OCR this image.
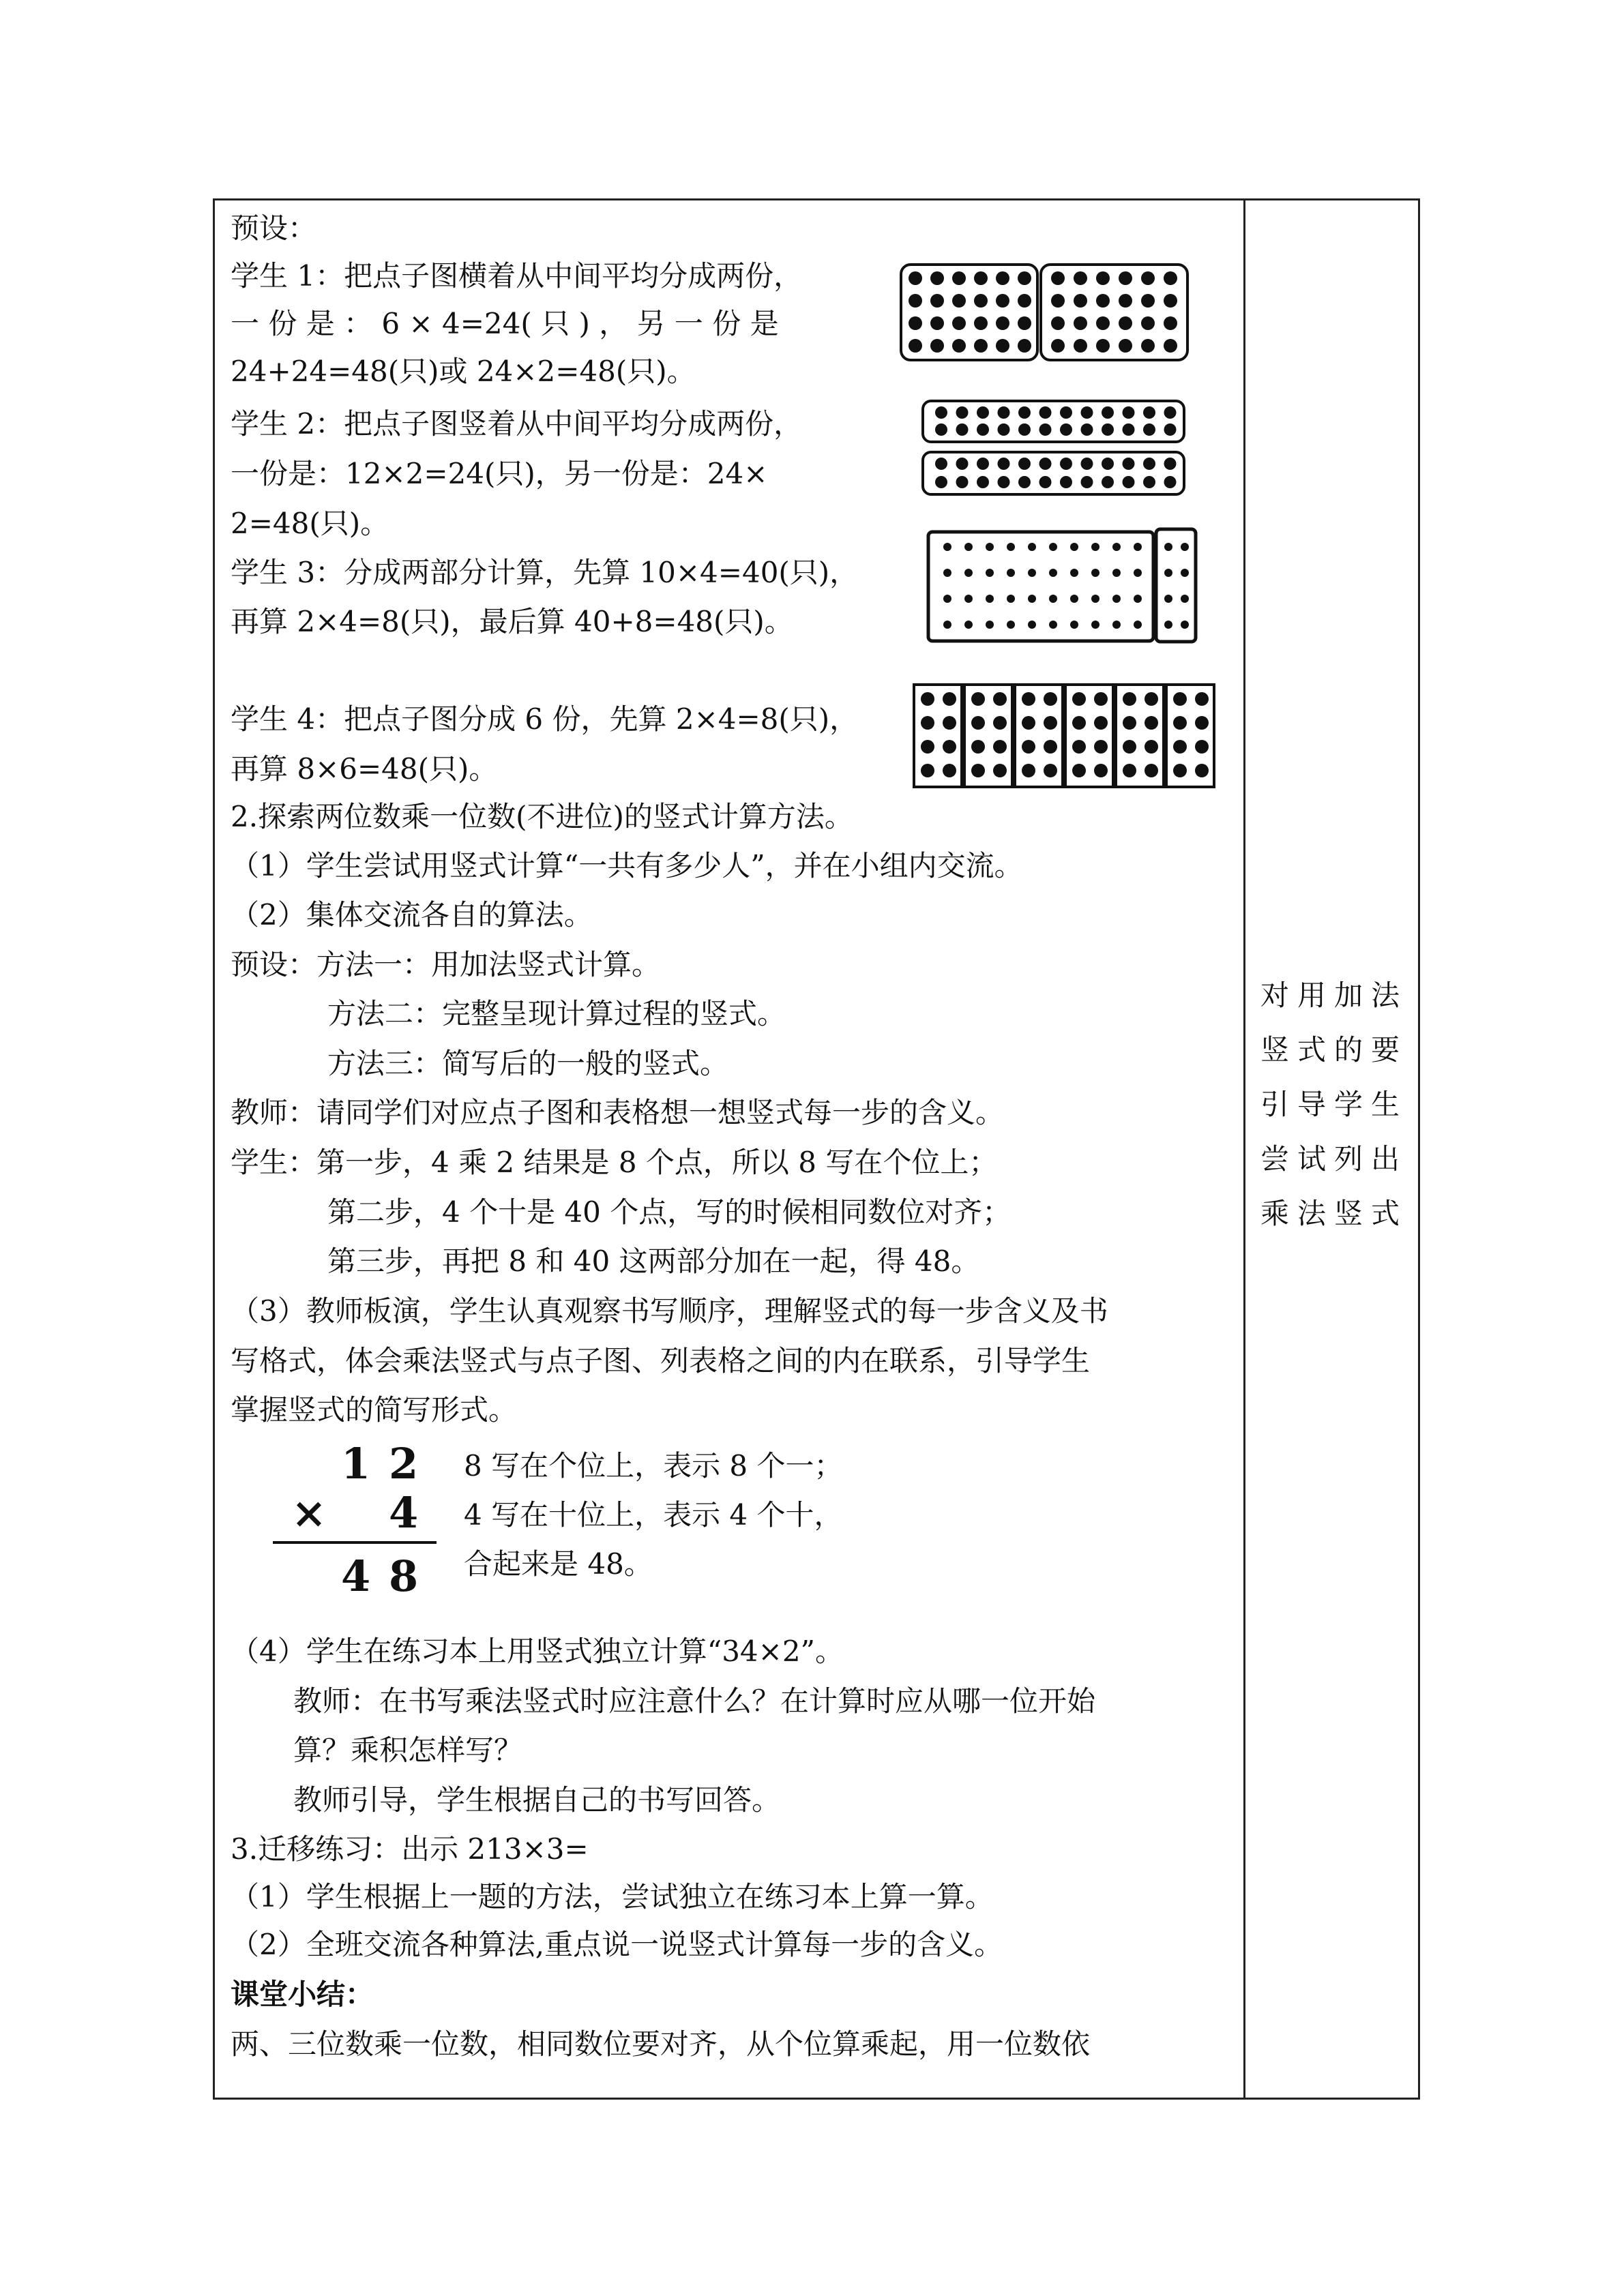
预设：
学生 1：把点子图横着从中间平均分成两份，
一 份 是 ： 6 × 4=24( 只 ) ， 另 一 份 是
24+24=48(只)或 24×2=48(只)。
学生 2：把点子图竖着从中间平均分成两份，
一份是：12×2=24(只)，另一份是：24×
2=48(只)。
学生 3：分成两部分计算，先算 10×4=40(只)，
再算 2×4=8(只)，最后算 40+8=48(只)。
学生 4：把点子图分成 6 份，先算 2×4=8(只)，
再算 8×6=48(只)。
2.探索两位数乘一位数(不进位)的竖式计算方法。
（1）学生尝试用竖式计算“一共有多少人”，并在小组内交流。
（2）集体交流各自的算法。
预设：方法一：用加法竖式计算。
方法二：完整呈现计算过程的竖式。
方法三：简写后的一般的竖式。
教师：请同学们对应点子图和表格想一想竖式每一步的含义。
学生：第一步，4 乘 2 结果是 8 个点，所以 8 写在个位上；
第二步，4 个十是 40 个点，写的时候相同数位对齐；
第三步，再把 8 和 40 这两部分加在一起，得 48。
（3）教师板演，学生认真观察书写顺序，理解竖式的每一步含义及书
写格式，体会乘法竖式与点子图、列表格之间的内在联系，引导学生
掌握竖式的简写形式。
8 写在个位上，表示 8 个一；
4 写在十位上，表示 4 个十，
合起来是 48。
（4）学生在练习本上用竖式独立计算“34×2”。
教师：在书写乘法竖式时应注意什么？在计算时应从哪一位开始
算？乘积怎样写？
教师引导，学生根据自己的书写回答。
3.迁移练习：出示 213×3=
（1）学生根据上一题的方法，尝试独立在练习本上算一算。
（2）全班交流各种算法,重点说一说竖式计算每一步的含义。
课堂小结：
两、三位数乘一位数，相同数位要对齐，从个位算乘起，用一位数依
1 2
× 4
4 8
对用加法
竖式的要
引导学生
尝试列出
乘法竖式
